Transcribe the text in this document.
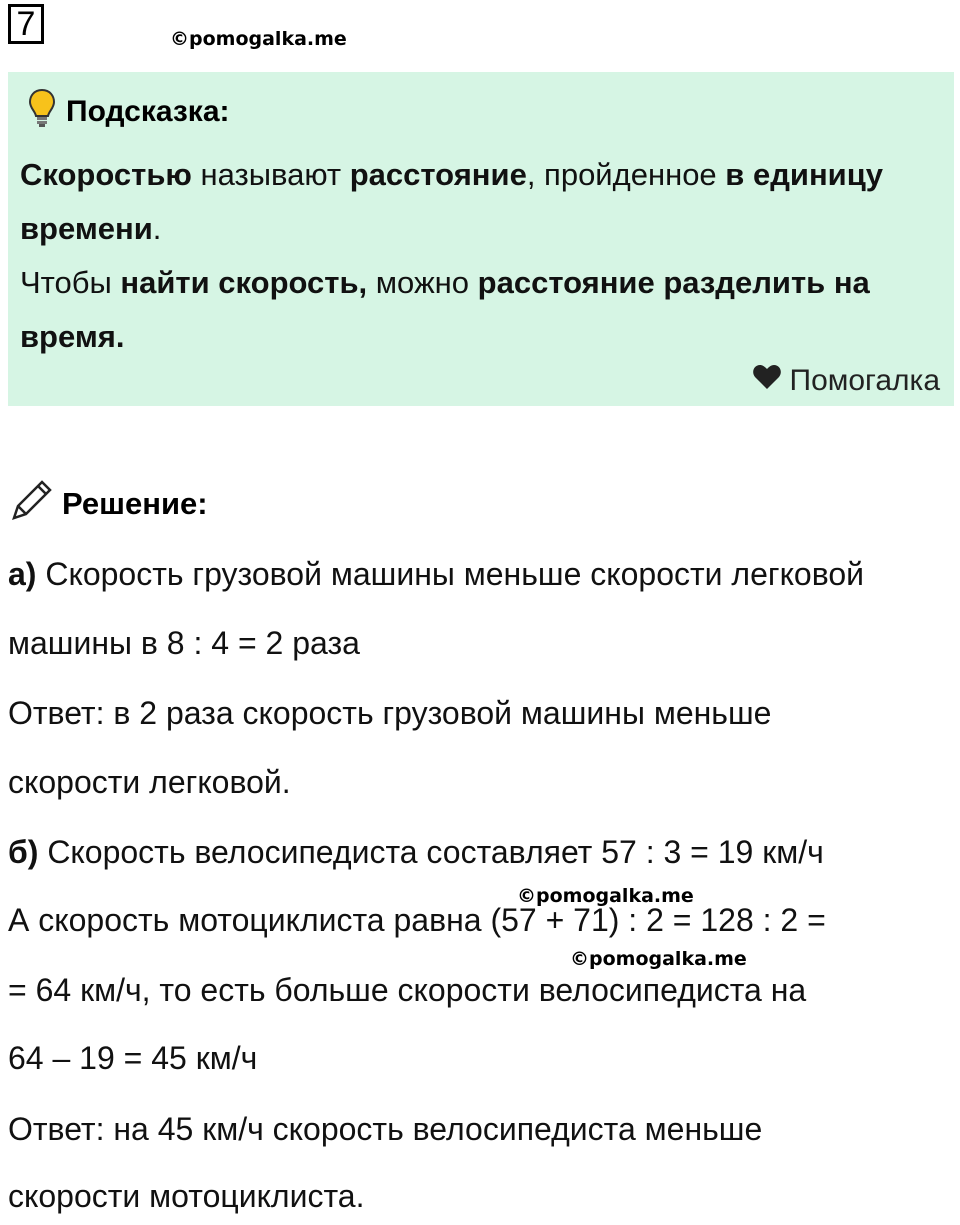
7	©pomogalka.me
Подсказка:
Скоростью называют расстояние, пройденное в единицу времени.
Чтобы найти скорость, можно расстояние разделить на время.
Помогалка
Решение:
а) Скорость грузовой машины меньше скорости легковой
машины в 8 : 4 = 2 раза
Ответ: в 2 раза скорость грузовой машины меньше
скорости легковой.
б) Скорость велосипедиста составляет 57 : 3 = 19 км/ч
А скорость мотоциклиста равна (57 + 71) : 2 = 128 : 2 =
= 64 км/ч, то есть больше скорости велосипедиста на
64 – 19 = 45 км/ч
Ответ: на 45 км/ч скорость велосипедиста меньше
скорости мотоциклиста.
©pomogalka.me
©pomogalka.me
